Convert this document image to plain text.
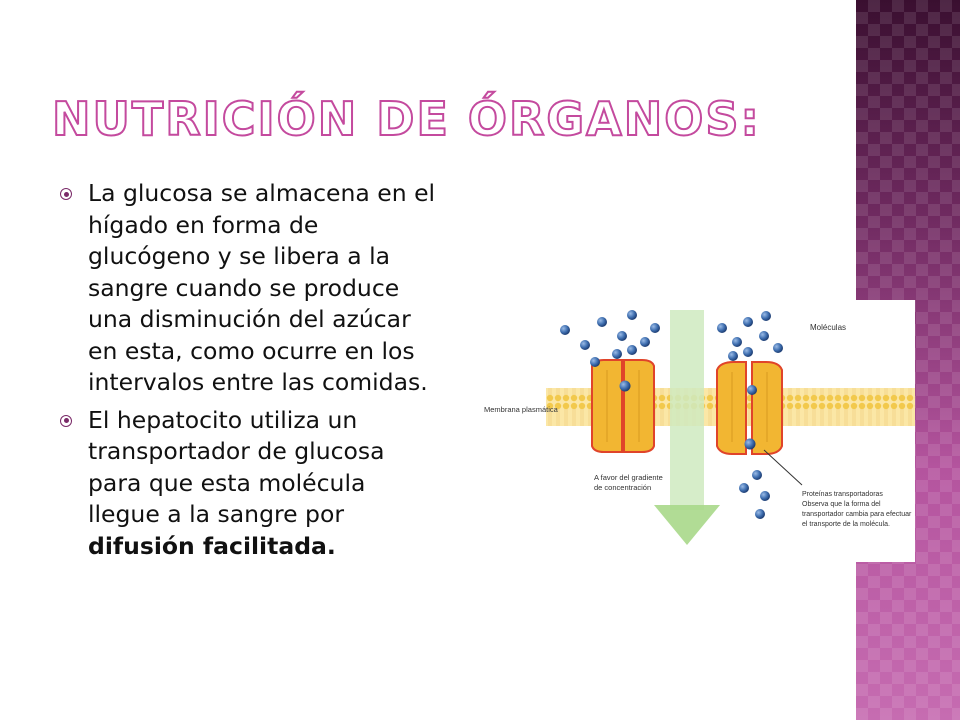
NUTRICIÓN DE ÓRGANOS:
La glucosa se almacena en el
hígado en forma de
glucógeno y se libera a la
sangre cuando se produce
una disminución del azúcar
en esta, como ocurre en los
intervalos entre las comidas.
El hepatocito utiliza un
transportador de glucosa
para que esta molécula
llegue a la sangre por
difusión facilitada.
Moléculas
Membrana plasmática
A favor del gradiente
de concentración
Proteínas transportadoras
Observa que la forma del
transportador cambia para efectuar
el transporte de la molécula.
